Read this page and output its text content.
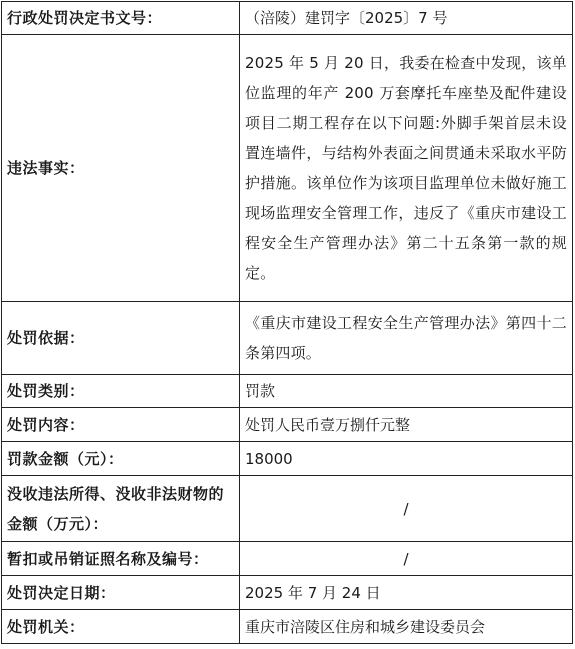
行政处罚决定书文号：	（涪陵）建罚字〔2025〕7 号
违法事实：	2025 年 5 月 20 日，我委在检查中发现，该单位监理的年产 200 万套摩托车座垫及配件建设项目二期工程存在以下问题:外脚手架首层未设置连墙件，与结构外表面之间贯通未采取水平防护措施。该单位作为该项目监理单位未做好施工现场监理安全管理工作，违反了《重庆市建设工程安全生产管理办法》第二十五条第一款的规定。
处罚依据：	《重庆市建设工程安全生产管理办法》第四十二条第四项。
处罚类别：	罚款
处罚内容：	处罚人民币壹万捌仟元整
罚款金额（元）：	18000
没收违法所得、没收非法财物的金额（万元）：	/
暂扣或吊销证照名称及编号：	/
处罚决定日期：	2025 年 7 月 24 日
处罚机关：	重庆市涪陵区住房和城乡建设委员会
